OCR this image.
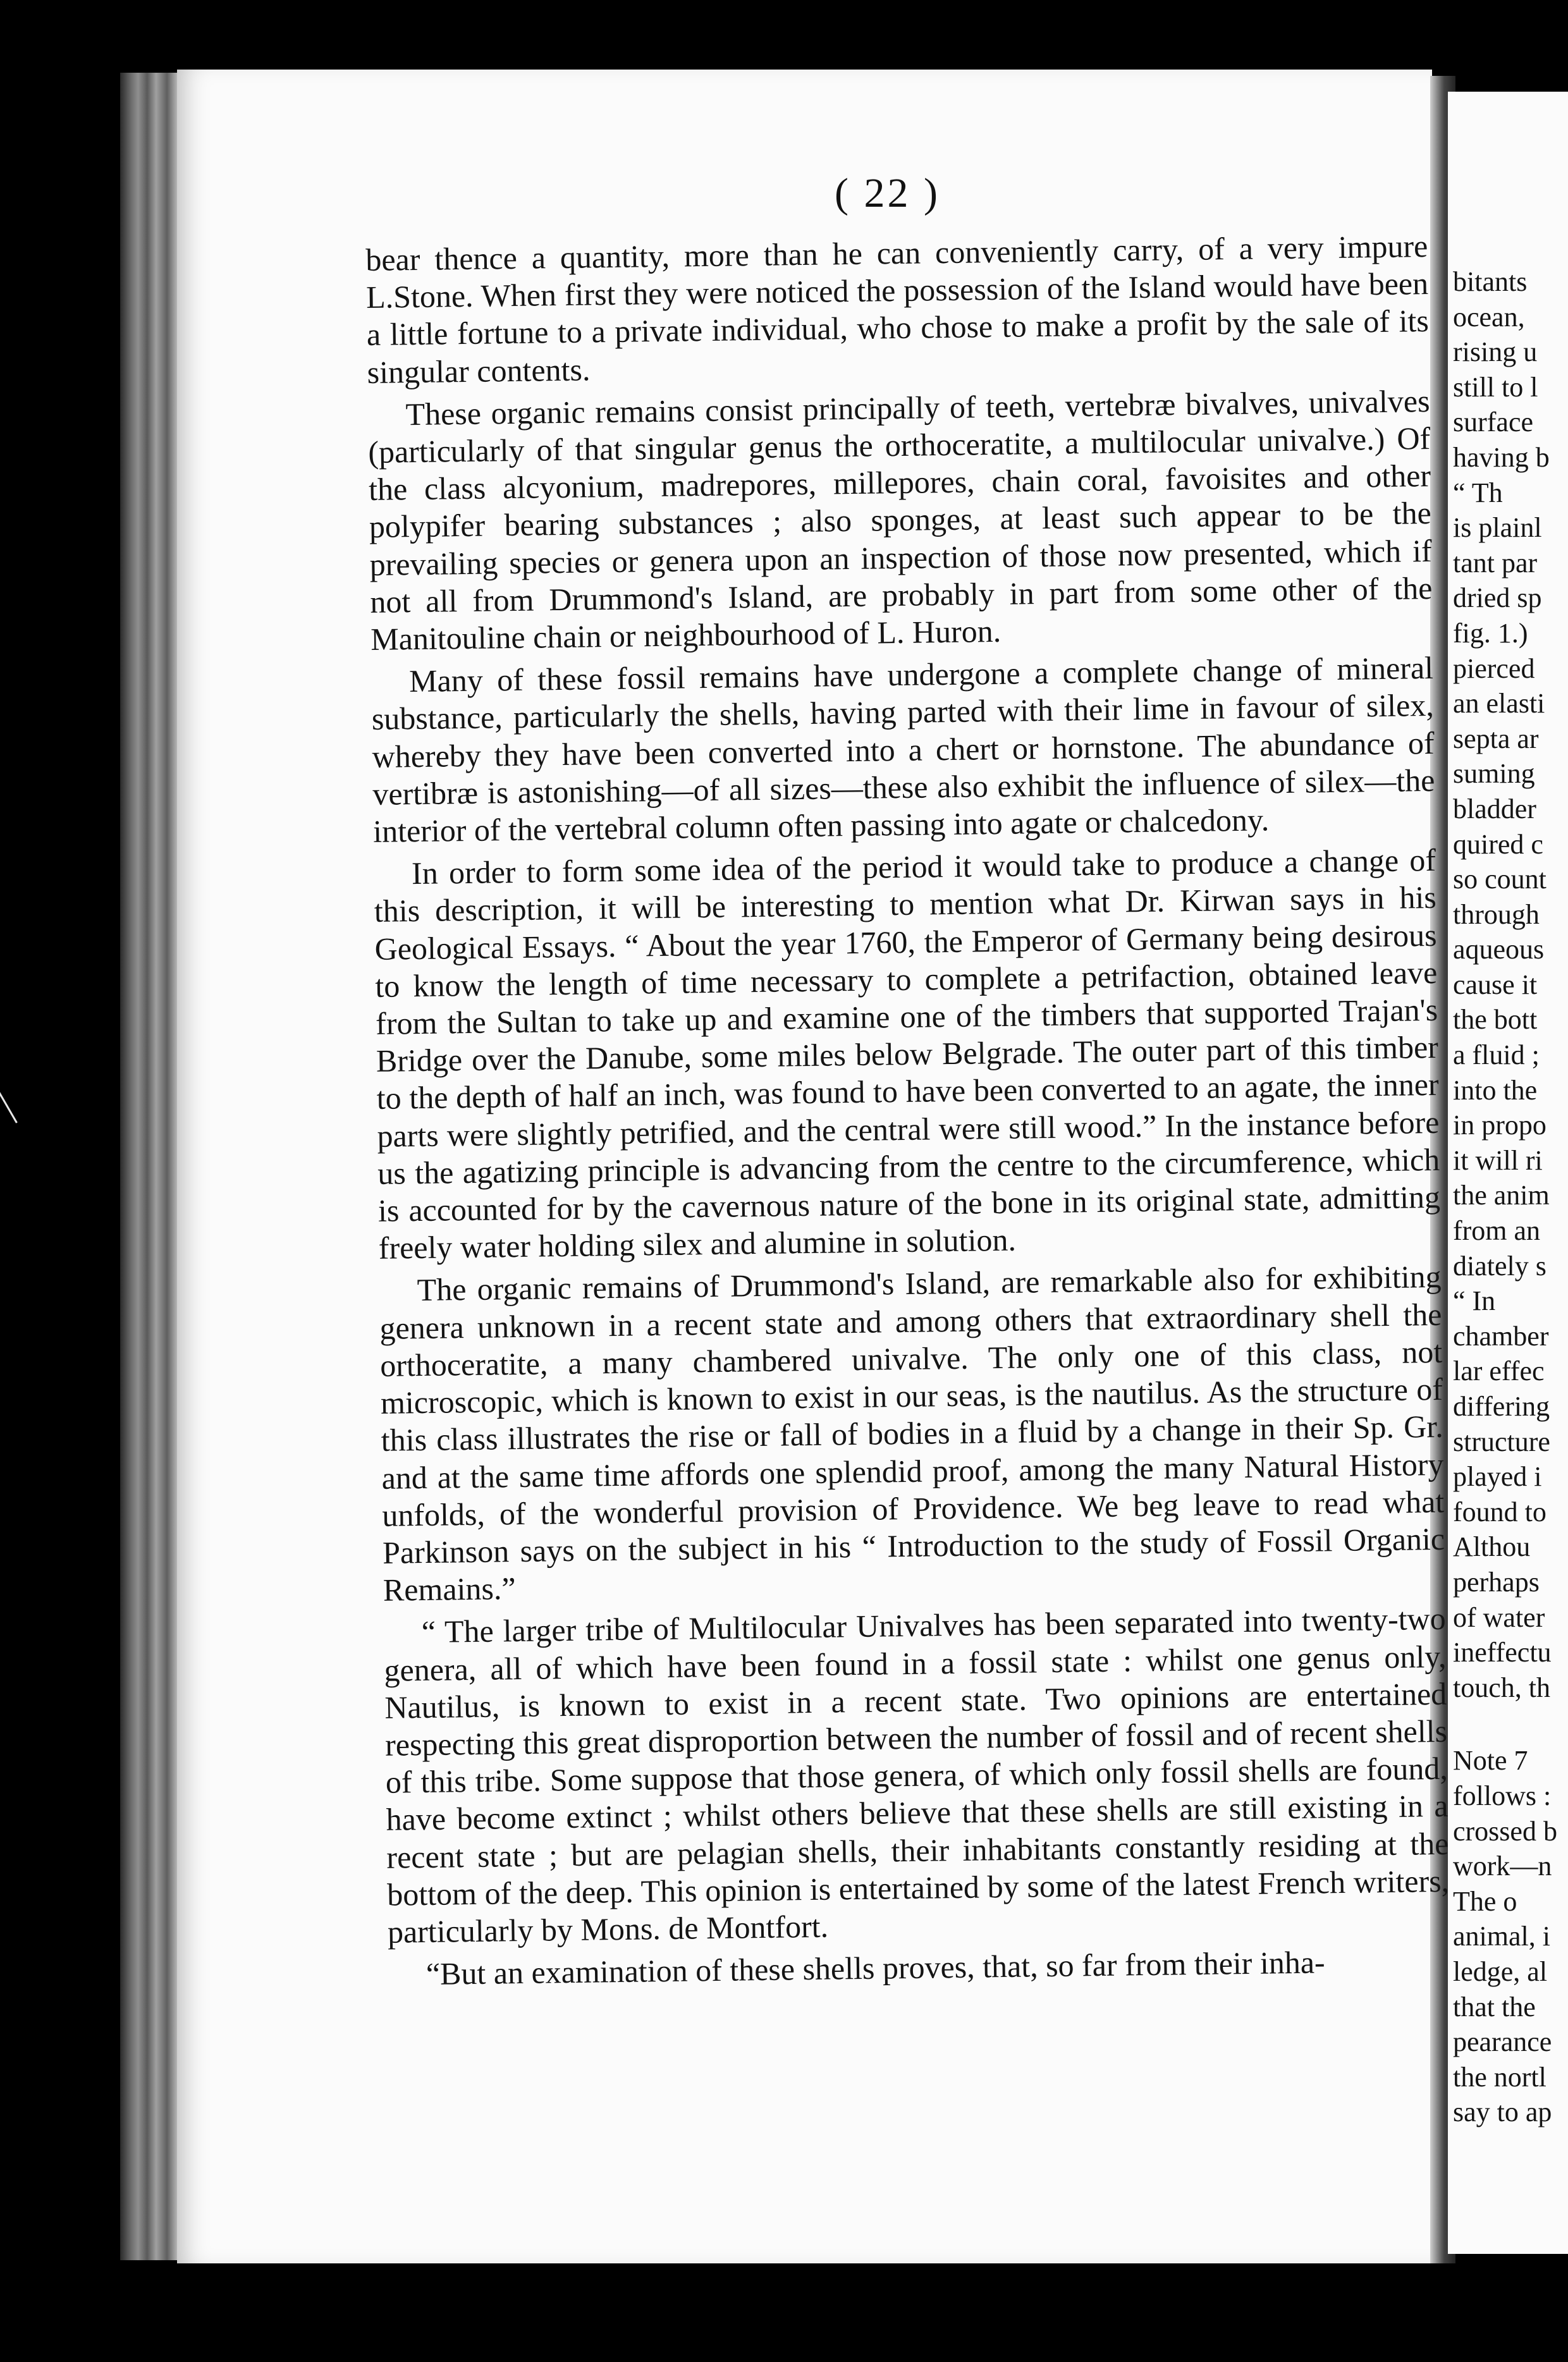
( 22 )

bear thence a quantity, more than he can conveniently carry, of a very impure L.Stone. When first they were noticed the possession of the Island would have been a little fortune to a private individual, who chose to make a profit by the sale of its singular contents.

These organic remains consist principally of teeth, vertebræ bivalves, univalves (particularly of that singular genus the orthoceratite, a multilocular univalve.) Of the class alcyonium, madrepores, millepores, chain coral, favoisites and other polypifer bearing substances ; also sponges, at least such appear to be the prevailing species or genera upon an inspection of those now presented, which if not all from Drummond's Island, are probably in part from some other of the Manitouline chain or neighbourhood of L. Huron.

Many of these fossil remains have undergone a complete change of mineral substance, particularly the shells, having parted with their lime in favour of silex, whereby they have been converted into a chert or hornstone. The abundance of vertibræ is astonishing—of all sizes—these also exhibit the influence of silex—the interior of the vertebral column often passing into agate or chalcedony.

In order to form some idea of the period it would take to produce a change of this description, it will be interesting to mention what Dr. Kirwan says in his Geological Essays. “ About the year 1760, the Emperor of Germany being desirous to know the length of time necessary to complete a petrifaction, obtained leave from the Sultan to take up and examine one of the timbers that supported Trajan's Bridge over the Danube, some miles below Belgrade. The outer part of this timber to the depth of half an inch, was found to have been converted to an agate, the inner parts were slightly petrified, and the central were still wood.” In the instance before us the agatizing principle is advancing from the centre to the circumference, which is accounted for by the cavernous nature of the bone in its original state, admitting freely water holding silex and alumine in solution.

The organic remains of Drummond's Island, are remarkable also for exhibiting genera unknown in a recent state and among others that extraordinary shell the orthoceratite, a many chambered univalve. The only one of this class, not microscopic, which is known to exist in our seas, is the nautilus. As the structure of this class illustrates the rise or fall of bodies in a fluid by a change in their Sp. Gr. and at the same time affords one splendid proof, among the many Natural History unfolds, of the wonderful provision of Providence. We beg leave to read what Parkinson says on the subject in his “ Introduction to the study of Fossil Organic Remains.”

“ The larger tribe of Multilocular Univalves has been separated into twenty-two genera, all of which have been found in a fossil state : whilst one genus only, Nautilus, is known to exist in a recent state. Two opinions are entertained respecting this great disproportion between the number of fossil and of recent shells of this tribe. Some suppose that those genera, of which only fossil shells are found, have become extinct ; whilst others believe that these shells are still existing in a recent state ; but are pelagian shells, their inhabitants constantly residing at the bottom of the deep. This opinion is entertained by some of the latest French writers, particularly by Mons. de Montfort.

“But an examination of these shells proves, that, so far from their inha-

bitants
ocean,
rising u
still to l
surface
having b
“ Th
is plainl
tant par
dried sp
fig. 1.)
pierced
an elasti
septa ar
suming
bladder
quired c
so count
through
aqueous
cause it
the bott
a fluid ;
into the
in propo
it will ri
the anim
from an
diately s
“ In
chamber
lar effec
differing
structure
played i
found to
Althou
perhaps
of water
ineffectu
touch, th
Note 7
follows :
crossed b
work—n
The o
animal, i
ledge, al
that the
pearance
the nortl
say to ap
